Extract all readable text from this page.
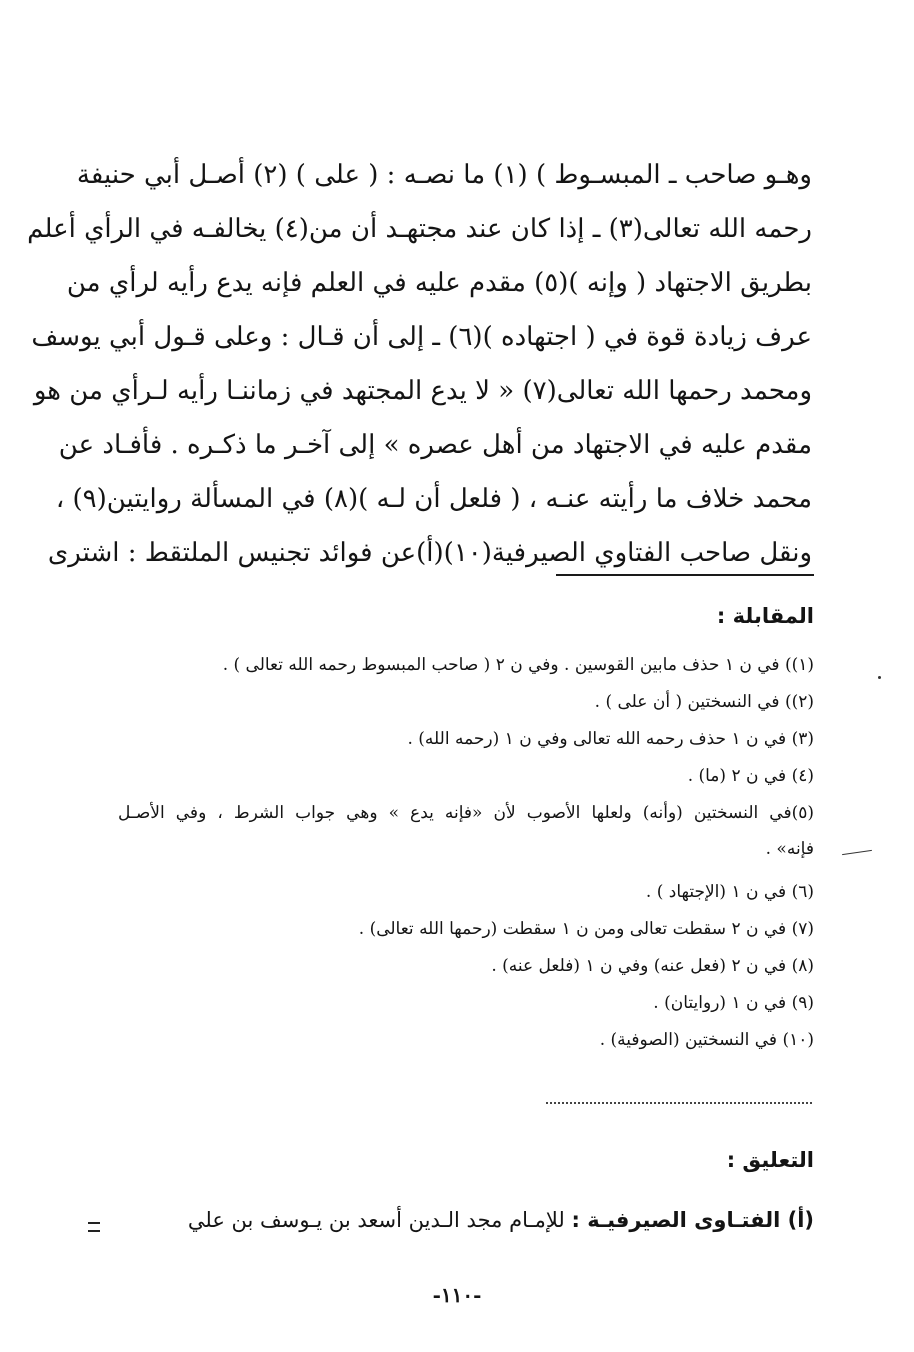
وهـو صاحب ـ المبسـوط ) (١) ما نصـه : ( على ) (٢) أصـل أبي حنيفة
رحمه الله تعالى(٣) ـ إذا كان عند مجتهـد أن من(٤) يخالفـه في الرأي أعلم
بطريق الاجتهاد ( وإنه )(٥) مقدم عليه في العلم فإنه يدع رأيه لرأي من
عرف زيادة قوة في ( اجتهاده )(٦) ـ إلى أن قـال : وعلى قـول أبي يوسف
ومحمد رحمها الله تعالى(٧) « لا يدع المجتهد في زماننـا رأيه لـرأي من هو
مقدم عليه في الاجتهاد من أهل عصره » إلى آخـر ما ذكـره . فأفـاد عن
محمد خلاف ما رأيته عنـه ، ( فلعل أن لـه )(٨) في المسألة روايتين(٩) ،
ونقل صاحب الفتاوي الصيرفية(١٠)(أ)عن فوائد تجنيس الملتقط : اشترى
المقابلة :
(١)) في ن ١ حذف مابين القوسين . وفي ن ٢ ( صاحب المبسوط رحمه الله تعالى ) .
(٢)) في النسختين ( أن على ) .
(٣) في ن ١ حذف رحمه الله تعالى وفي ن ١ (رحمه الله) .
(٤) في ن ٢ (ما) .
(٥)في النسختين (وأنه) ولعلها الأصوب لأن «فإنه يدع » وهي جواب الشرط ، وفي الأصـل
فإنه» .
(٦) في ن ١ (الإجتهاد ) .
(٧) في ن ٢ سقطت تعالى ومن ن ١ سقطت (رحمها الله تعالى) .
(٨) في ن ٢ (فعل عنه) وفي ن ١ (فلعل عنه) .
(٩) في ن ١ (روايتان) .
(١٠) في النسختين (الصوفية) .
التعليق :
(أ) الفتـاوى الصيرفيـة : للإمـام مجد الـدين أسعد بن يـوسف بن علي
-١١٠-
